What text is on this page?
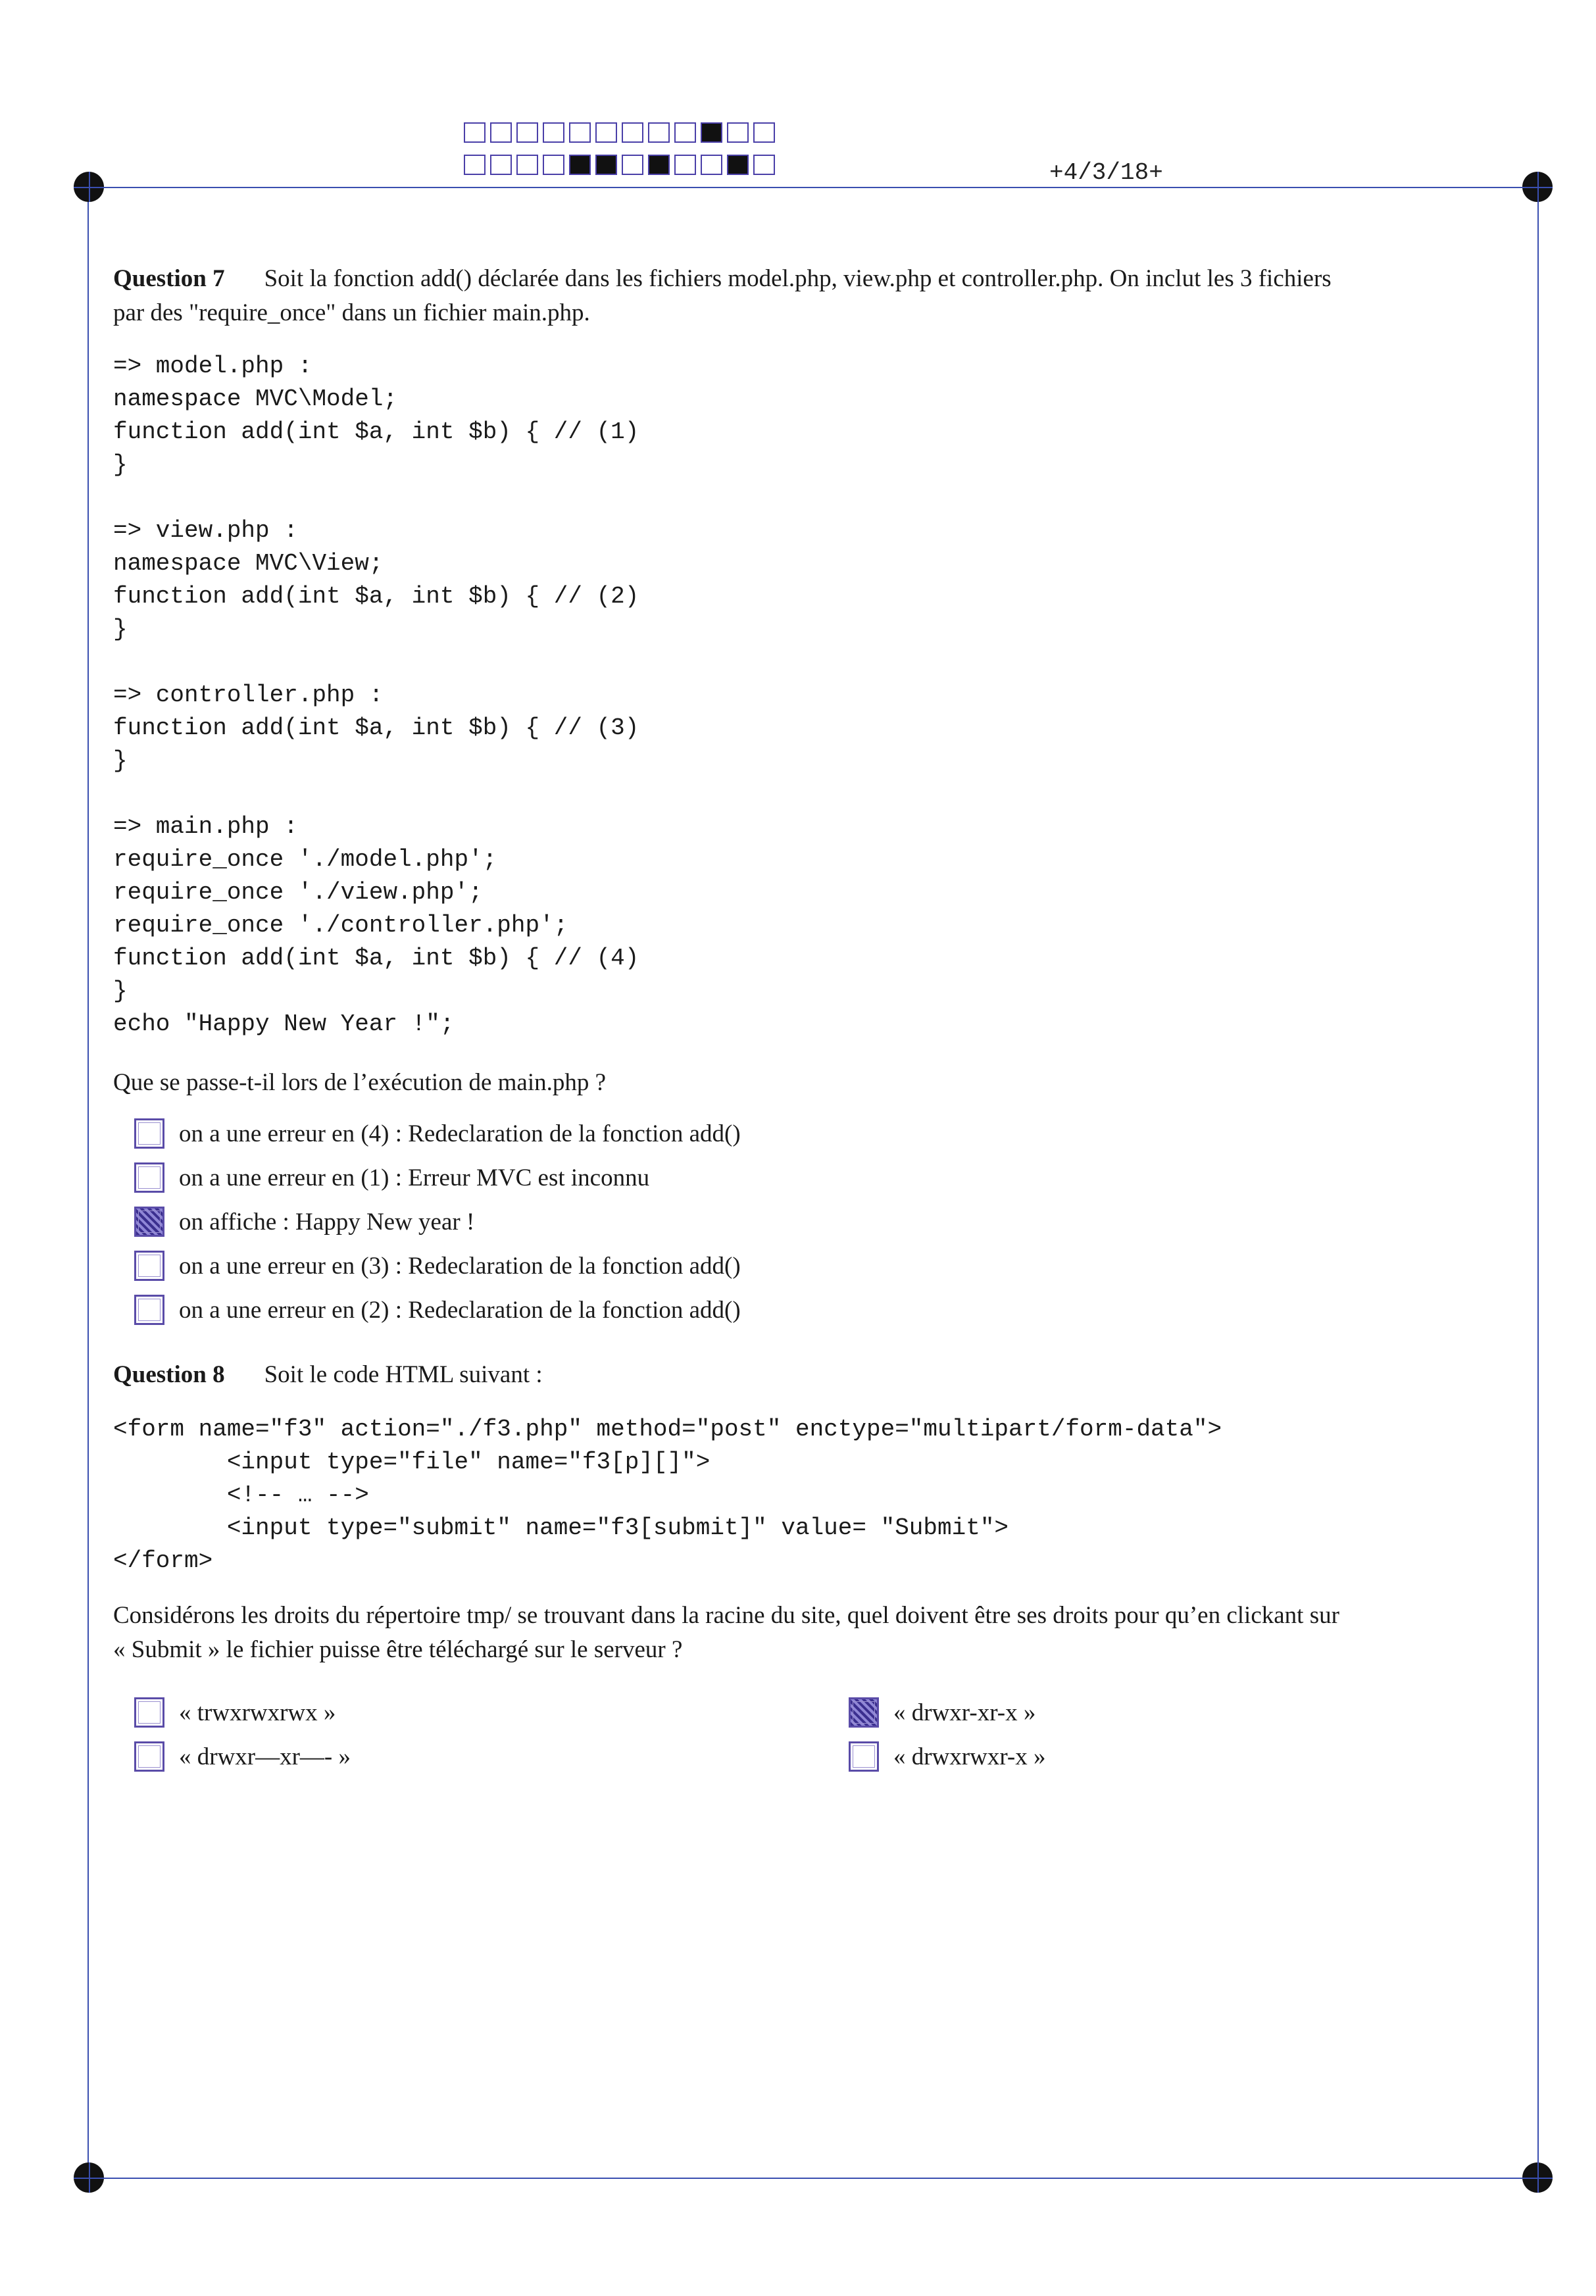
+4/3/18+
Question 7 Soit la fonction add() déclarée dans les fichiers model.php, view.php et controller.php. On inclut les 3 fichiers
par des "require_once" dans un fichier main.php.
=> model.php :
namespace MVC\Model;
function add(int $a, int $b) { // (1)
}

=> view.php :
namespace MVC\View;
function add(int $a, int $b) { // (2)
}

=> controller.php :
function add(int $a, int $b) { // (3)
}

=> main.php :
require_once './model.php';
require_once './view.php';
require_once './controller.php';
function add(int $a, int $b) { // (4)
}
echo "Happy New Year !";
Que se passe-t-il lors de l’exécution de main.php ?
on a une erreur en (4) : Redeclaration de la fonction add()
on a une erreur en (1) : Erreur MVC est inconnu
on affiche : Happy New year !
on a une erreur en (3) : Redeclaration de la fonction add()
on a une erreur en (2) : Redeclaration de la fonction add()
Question 8 Soit le code HTML suivant :
<form name="f3" action="./f3.php" method="post" enctype="multipart/form-data">
<input type="file" name="f3[p][]">
<!-- … -->
<input type="submit" name="f3[submit]" value= "Submit">
</form>
Considérons les droits du répertoire tmp/ se trouvant dans la racine du site, quel doivent être ses droits pour qu’en clickant sur
« Submit » le fichier puisse être téléchargé sur le serveur ?
« trwxrwxrwx »
« drwxr—xr—- »
« drwxr-xr-x »
« drwxrwxr-x »
